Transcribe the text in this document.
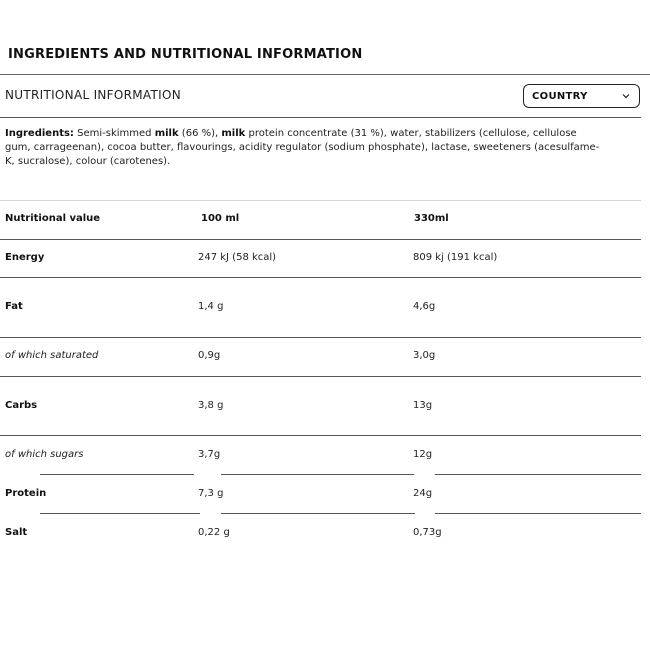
INGREDIENTS AND NUTRITIONAL INFORMATION
NUTRITIONAL INFORMATION	COUNTRY
Ingredients: Semi-skimmed milk (66 %), milk protein concentrate (31 %), water, stabilizers (cellulose, cellulose gum, carrageenan), cocoa butter, flavourings, acidity regulator (sodium phosphate), lactase, sweeteners (acesulfame-K, sucralose), colour (carotenes).
Nutritional value	100 ml	330ml
Energy	247 kJ (58 kcal)	809 kj (191 kcal)
Fat	1,4 g	4,6g
of which saturated	0,9g	3,0g
Carbs	3,8 g	13g
of which sugars	3,7g	12g
Protein	7,3 g	24g
Salt	0,22 g	0,73g
